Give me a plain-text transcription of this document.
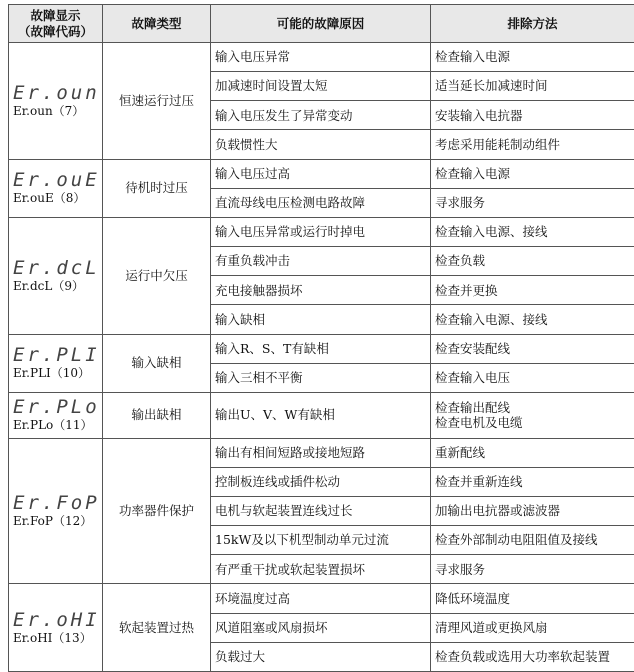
故障显示
（故障代码）	故障类型	可能的故障原因	排除方法

Er.oun
Er.oun（7）	恒速运行过压	输入电压异常	检查输入电源
		加减速时间设置太短	适当延长加减速时间
		输入电压发生了异常变动	安装输入电抗器
		负载惯性大	考虑采用能耗制动组件

Er.ouE
Er.ouE（8）	待机时过压	输入电压过高	检查输入电源
		直流母线电压检测电路故障	寻求服务

Er.dcL
Er.dcL（9）	运行中欠压	输入电压异常或运行时掉电	检查输入电源、接线
		有重负载冲击	检查负载
		充电接触器损坏	检查并更换
		输入缺相	检查输入电源、接线

Er.PLI
Er.PLI（10）	输入缺相	输入R、S、T有缺相	检查安装配线
		输入三相不平衡	检查输入电压

Er.PLo
Er.PLo（11）	输出缺相	输出U、V、W有缺相	检查输出配线
检查电机及电缆

Er.FoP
Er.FoP（12）	功率器件保护	输出有相间短路或接地短路	重新配线
		控制板连线或插件松动	检查并重新连线
		电机与软起装置连线过长	加输出电抗器或滤波器
		15kW及以下机型制动单元过流	检查外部制动电阻阻值及接线
		有严重干扰或软起装置损坏	寻求服务

Er.oHI
Er.oHI（13）	软起装置过热	环境温度过高	降低环境温度
		风道阻塞或风扇损坏	清理风道或更换风扇
		负载过大	检查负载或选用大功率软起装置
